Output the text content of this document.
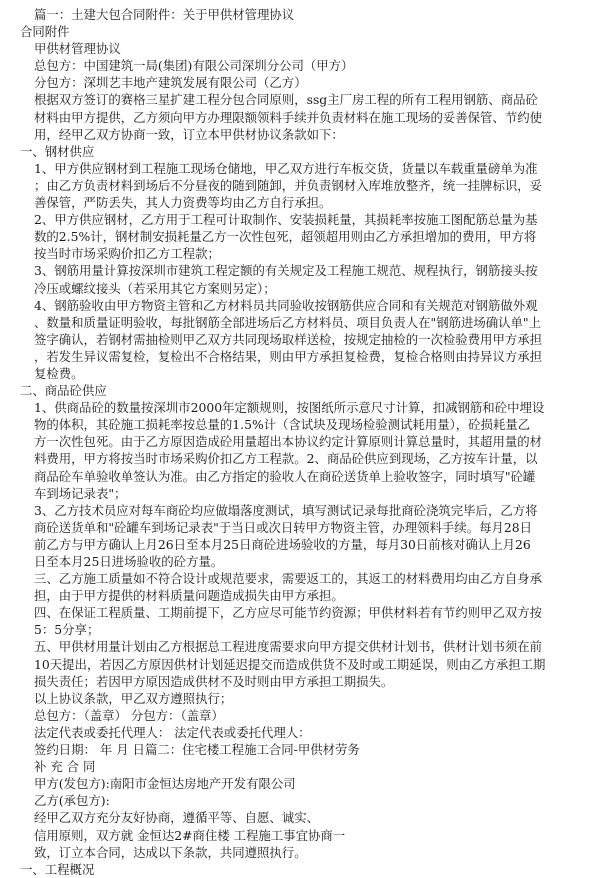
篇一：土建大包合同附件：关于甲供材管理协议
合同附件
甲供材管理协议
总包方：中国建筑一局(集团)有限公司深圳分公司（甲方）
分包方：深圳艺丰地产建筑发展有限公司（乙方）
根据双方签订的赛格三星扩建工程分包合同原则，ssg主厂房工程的所有工程用钢筋、商品砼
材料由甲方提供，乙方须向甲方办理限额领料手续并负责材料在施工现场的妥善保管、节约使
用，经甲乙双方协商一致，订立本甲供材协议条款如下：
一、钢材供应
1、甲方供应钢材到工程施工现场仓储地，甲乙双方进行车板交货，货量以车载重量磅单为准
；由乙方负责材料到场后不分昼夜的随到随卸，并负责钢材入库堆放整齐，统一挂牌标识，妥
善保管，严防丢失，其人力资费等均由乙方自行承担。
2、甲方供应钢材，乙方用于工程可计取制作、安装损耗量，其损耗率按施工图配筋总量为基
数的2.5%计，钢材制安损耗量乙方一次性包死，超领超用则由乙方承担增加的费用，甲方将
按当时市场采购价扣乙方工程款；
3、钢筋用量计算按深圳市建筑工程定额的有关规定及工程施工规范、规程执行，钢筋接头按
冷压或螺纹接头（若采用其它方案则另定）；
4、钢筋验收由甲方物资主管和乙方材料员共同验收按钢筋供应合同和有关规范对钢筋做外观
、数量和质量证明验收，每批钢筋全部进场后乙方材料员、项目负责人在"钢筋进场确认单"上
签字确认，若钢材需抽检则甲乙双方共同现场取样送检，按规定抽检的一次检验费用甲方承担
，若发生异议需复检，复检出不合格结果，则由甲方承担复检费，复检合格则由持异议方承担
复检费。
二、商品砼供应
1、供商品砼的数量按深圳市2000年定额规则，按图纸所示意尺寸计算，扣减钢筋和砼中埋设
物的体积，其砼施工损耗率按总量的1.5%计（含试块及现场检验测试耗用量），砼损耗量乙
方一次性包死。由于乙方原因造成砼用量超出本协议约定计算原则计算总量时，其超用量的材
料费用，甲方将按当时市场采购价扣乙方工程款。2、商品砼供应到现场，乙方按车计量，以
商品砼车单验收单签认为准。由乙方指定的验收人在商砼送货单上验收签字，同时填写"砼罐
车到场记录表"；
3、乙方技术员应对每车商砼均应做塌落度测试，填写测试记录每批商砼浇筑完毕后，乙方将
商砼送货单和"砼罐车到场记录表"于当日或次日转甲方物资主管，办理领料手续。每月28日
前乙方与甲方确认上月26日至本月25日商砼进场验收的方量，每月30日前核对确认上月26
日至本月25日进场验收的砼方量。
三、乙方施工质量如不符合设计或规范要求，需要返工的，其返工的材料费用均由乙方自身承
担，由于甲方提供的材料质量问题造成损失由甲方承担。
四、在保证工程质量、工期前提下，乙方应尽可能节约资源；甲供材料若有节约则甲乙双方按
5：5分享；
五、甲供材用量计划由乙方根据总工程进度需要求向甲方提交供材计划书，供材计划书须在前
10天提出，若因乙方原因供材计划延迟提交而造成供货不及时或工期延误，则由乙方承担工期
损失责任；若因甲方原因造成供材不及时则由甲方承担工期损失。
以上协议条款，甲乙双方遵照执行；
总包方：（盖章） 分包方：（盖章）
法定代表或委托代理人： 法定代表或委托代理人：
签约日期： 年 月 日篇二：住宅楼工程施工合同-甲供材劳务
补 充 合 同
甲方(发包方):南阳市金恒达房地产开发有限公司
乙方(承包方):
经甲乙双方充分友好协商，遵循平等、自愿、诚实、
信用原则，双方就 金恒达2#商住楼 工程施工事宜协商一
致，订立本合同，达成以下条款，共同遵照执行。
一、工程概况
